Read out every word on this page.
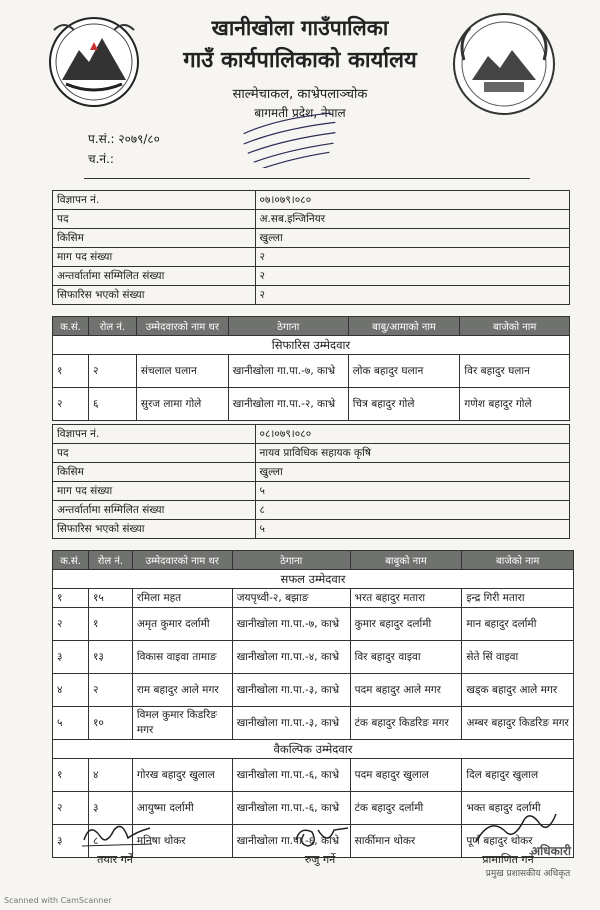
खानीखोला गाउँपालिका
गाउँ कार्यपालिकाको कार्यालय
साल्मेचाकल, काभ्रेपलाञ्चोक
बागमती प्रदेश, नेपाल
प.सं.: २०७९/८०
च.नं.:
विज्ञापन नं.	०७।०७९।०८०
पद	अ.सब.इन्जिनियर
किसिम	खुल्ला
माग पद संख्या	२
अन्तर्वार्तामा सम्मिलित संख्या	२
सिफारिस भएको संख्या	२
क.सं.	रोल नं.	उम्मेदवारको नाम थर	ठेगाना	बाबु/आमाको नाम	बाजेको नाम
सिफारिस उम्मेदवार					
१	२	संचलाल घलान	खानीखोला गा.पा.-७, काभ्रे	लोक बहादुर घलान	विर बहादुर घलान
२	६	सुरज लामा गोले	खानीखोला गा.पा.-२, काभ्रे	चित्र बहादुर गोले	गणेश बहादुर गोले
विज्ञापन नं.	०८।०७९।०८०
पद	नायव प्राविधिक सहायक कृषि
किसिम	खुल्ला
माग पद संख्या	५
अन्तर्वार्तामा सम्मिलित संख्या	८
सिफारिस भएको संख्या	५
क.सं.	रोल नं.	उम्मेदवारको नाम थर	ठेगाना	बाबुको नाम	बाजेको नाम
सफल उम्मेदवार					
१	१५	रमिला महत	जयपृथ्वी-२, बझाङ	भरत बहादुर मतारा	इन्द्र गिरी मतारा
२	१	अमृत कुमार दर्लामी	खानीखोला गा.पा.-७, काभ्रे	कुमार बहादुर दर्लामी	मान बहादुर दर्लामी
३	१३	विकास वाइवा तामाङ	खानीखोला गा.पा.-४, काभ्रे	विर बहादुर वाइवा	सेते सिं वाइवा
४	२	राम बहादुर आले मगर	खानीखोला गा.पा.-३, काभ्रे	पदम बहादुर आले मगर	खड्क बहादुर आले मगर
५	१०	विमल कुमार किडरिङ मगर	खानीखोला गा.पा.-३, काभ्रे	टंक बहादुर किडरिङ मगर	अम्बर बहादुर किडरिङ मगर
वैकल्पिक उम्मेदवार					
१	४	गोरख बहादुर खुलाल	खानीखोला गा.पा.-६, काभ्रे	पदम बहादुर खुलाल	दिल बहादुर खुलाल
२	३	आयुष्मा दर्लामी	खानीखोला गा.पा.-६, काभ्रे	टंक बहादुर दर्लामी	भक्त बहादुर दर्लामी
३	८	मनिषा थोकर	खानीखोला गा.पा.-६, काभ्रे	सार्कीमान थोकर	पूर्ण बहादुर थोकर
तयार गर्ने	रुजु गर्ने	प्रामाणित गर्ने
अधिकारी
प्रमुख प्रशासकीय अधिकृत
Scanned with CamScanner
